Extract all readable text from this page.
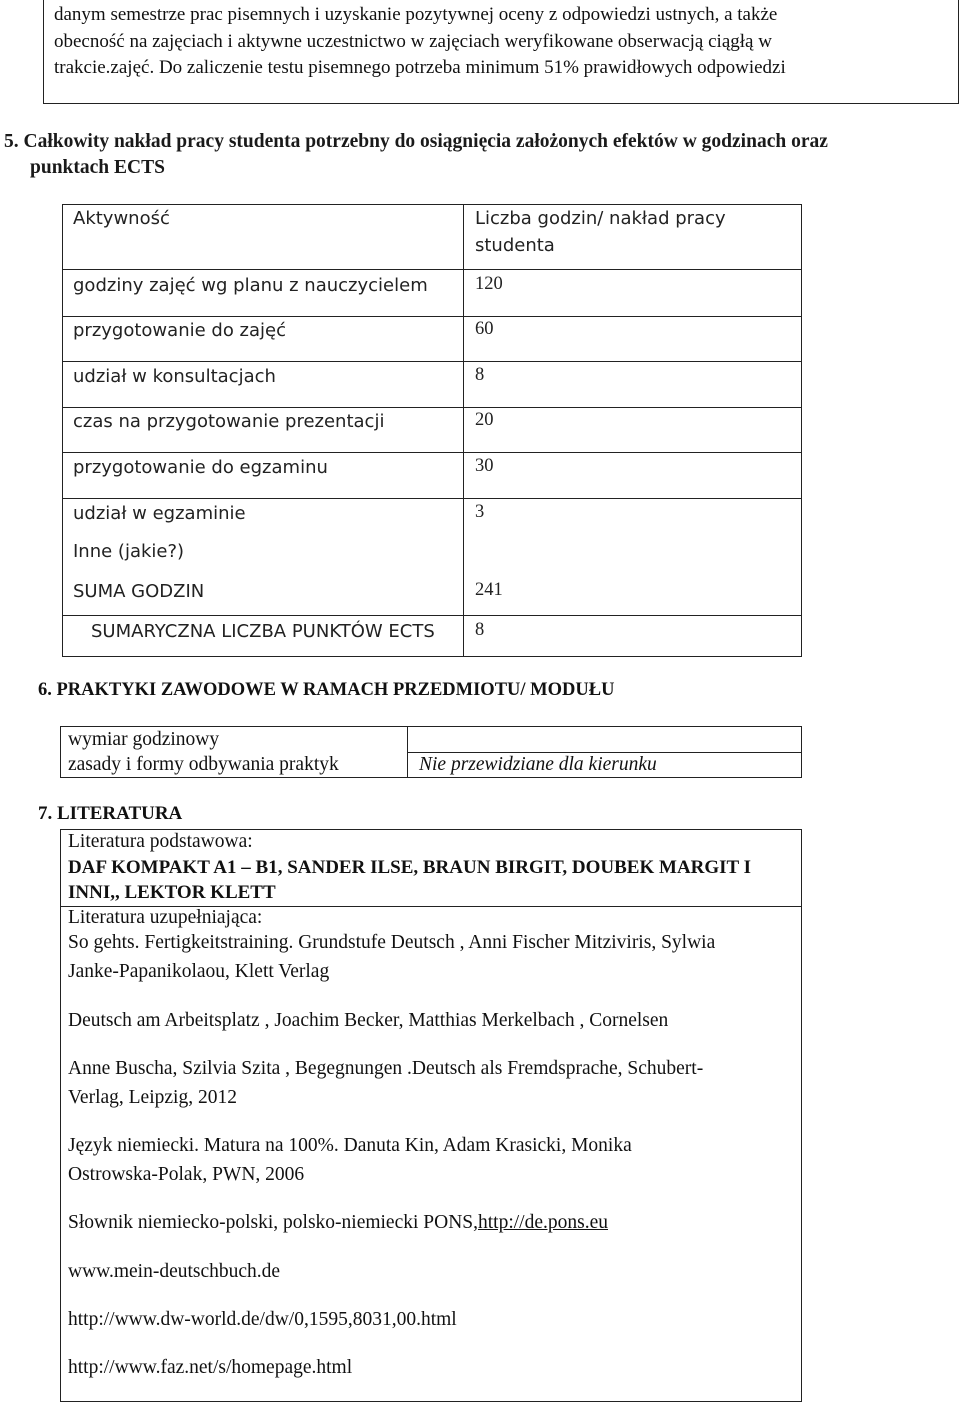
danym semestrze prac pisemnych i uzyskanie pozytywnej oceny z odpowiedzi ustnych, a także
obecność na zajęciach i aktywne uczestnictwo w zajęciach weryfikowane obserwacją ciągłą w
trakcie.zajęć. Do zaliczenie testu pisemnego potrzeba minimum 51% prawidłowych odpowiedzi
5. Całkowity nakład pracy studenta potrzebny do osiągnięcia założonych efektów w godzinach oraz
punktach ECTS
Aktywność	Liczba godzin/ nakład pracy
studenta
godziny zajęć wg planu z nauczycielem	120
przygotowanie do zajęć	60
udział w konsultacjach	8
czas na przygotowanie prezentacji	20
przygotowanie do egzaminu	30
udział w egzaminie	3
Inne (jakie?)
SUMA GODZIN	241
SUMARYCZNA LICZBA PUNKTÓW ECTS 8
6. PRAKTYKI ZAWODOWE W RAMACH PRZEDMIOTU/ MODUŁU
wymiar godzinowy
zasady i formy odbywania praktyk	Nie przewidziane dla kierunku
7. LITERATURA
Literatura podstawowa:
DAF KOMPAKT A1 – B1, SANDER ILSE, BRAUN BIRGIT, DOUBEK MARGIT I
INNI,, LEKTOR KLETT
Literatura uzupełniająca:
So gehts. Fertigkeitstraining. Grundstufe Deutsch , Anni Fischer Mitziviris, Sylwia
Janke-Papanikolaou, Klett Verlag
Deutsch am Arbeitsplatz , Joachim Becker, Matthias Merkelbach , Cornelsen
Anne Buscha, Szilvia Szita , Begegnungen .Deutsch als Fremdsprache, Schubert-
Verlag, Leipzig, 2012
Język niemiecki. Matura na 100%. Danuta Kin, Adam Krasicki, Monika
Ostrowska-Polak, PWN, 2006
Słownik niemiecko-polski, polsko-niemiecki PONS,http://de.pons.eu
www.mein-deutschbuch.de
http://www.dw-world.de/dw/0,1595,8031,00.html
http://www.faz.net/s/homepage.html
